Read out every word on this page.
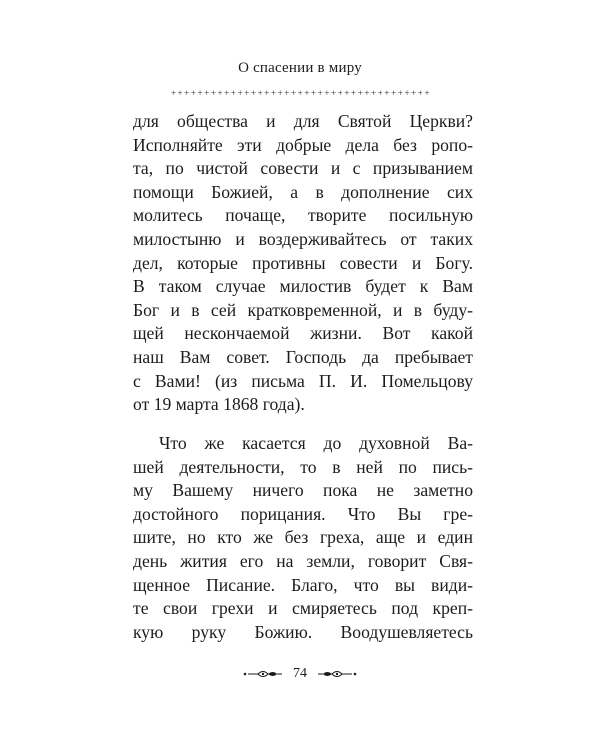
О спасении в миру
+++++++++++++++++++++++++++++++++++++++
для общества и для Святой Церкви?
Исполняйте эти добрые дела без ропо-
та, по чистой совести и с призыванием
помощи Божией, а в дополнение сих
молитесь почаще, творите посильную
милостыню и воздерживайтесь от таких
дел, которые противны совести и Богу.
В таком случае милостив будет к Вам
Бог и в сей кратковременной, и в буду-
щей нескончаемой жизни. Вот какой
наш Вам совет. Господь да пребывает
с Вами! (из письма П. И. Помельцову
от 19 марта 1868 года).
Что же касается до духовной Ва-
шей деятельности, то в ней по пись-
му Вашему ничего пока не заметно
достойного порицания. Что Вы гре-
шите, но кто же без греха, аще и един
день жития его на земли, говорит Свя-
щенное Писание. Благо, что вы види-
те свои грехи и смиряетесь под креп-
кую руку Божию. Воодушевляетесь
74
